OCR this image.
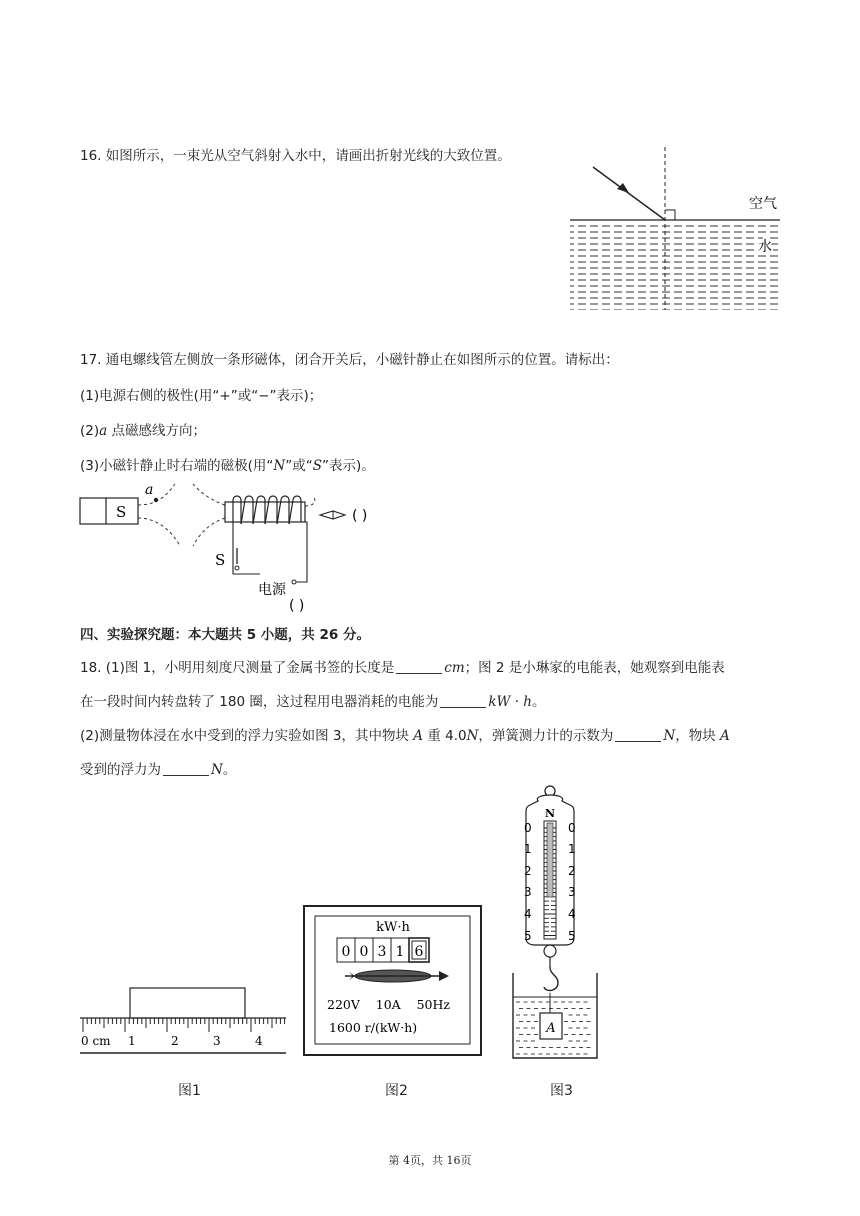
16. 如图所示，一束光从空气斜射入水中，请画出折射光线的大致位置。
空气
水
17. 通电螺线管左侧放一条形磁体，闭合开关后，小磁针静止在如图所示的位置。请标出：
(1)电源右侧的极性(用“+”或“−”表示)；
(2)a 点磁感线方向；
(3)小磁针静止时右端的磁极(用“N”或“S”表示)。
S
a
( )
S
电源
( )
四、实验探究题：本大题共 5 小题，共 26 分。
18. (1)图 1，小明用刻度尺测量了金属书签的长度是	cm；图 2 是小琳家的电能表，她观察到电能表
在一段时间内转盘转了 180 圈，这过程用电器消耗的电能为	kW · h。
(2)测量物体浸在水中受到的浮力实验如图 3，其中物块 A 重 4.0N，弹簧测力计的示数为	N，物块 A
受到的浮力为	N。
0 cm 1	2	3	4
图1
kW·h
0 0 3 1 6
220V    10A    50Hz
1600 r/(kW·h)
图2
N
0	0
1	1
2	2
3	3
4	4
5	5
A
图3
第 4页，共 16页
